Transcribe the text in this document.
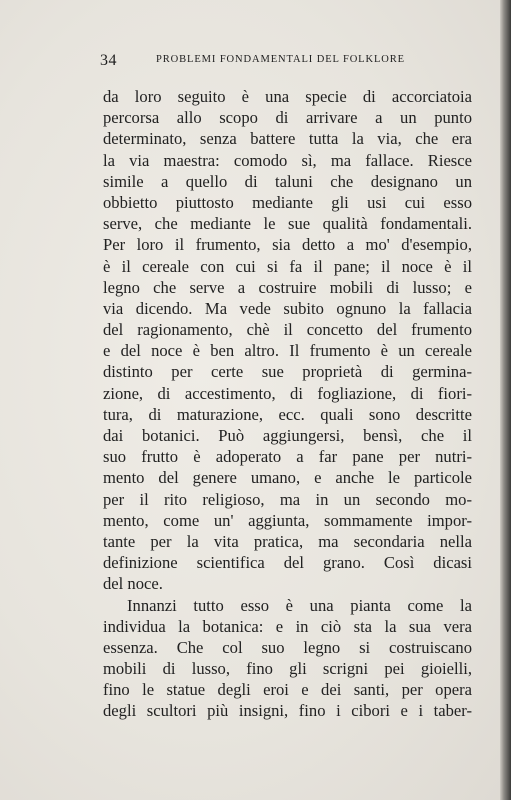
34	PROBLEMI FONDAMENTALI DEL FOLKLORE
da loro seguito è una specie di accorciatoia
percorsa allo scopo di arrivare a un punto
determinato, senza battere tutta la via, che era
la via maestra: comodo sì, ma fallace. Riesce
simile a quello di taluni che designano un
obbietto piuttosto mediante gli usi cui esso
serve, che mediante le sue qualità fondamentali.
Per loro il frumento, sia detto a mo' d'esempio,
è il cereale con cui si fa il pane; il noce è il
legno che serve a costruire mobili di lusso; e
via dicendo. Ma vede subito ognuno la fallacia
del ragionamento, chè il concetto del frumento
e del noce è ben altro. Il frumento è un cereale
distinto per certe sue proprietà di germina-
zione, di accestimento, di fogliazione, di fiori-
tura, di maturazione, ecc. quali sono descritte
dai botanici. Può aggiungersi, bensì, che il
suo frutto è adoperato a far pane per nutri-
mento del genere umano, e anche le particole
per il rito religioso, ma in un secondo mo-
mento, come un' aggiunta, sommamente impor-
tante per la vita pratica, ma secondaria nella
definizione scientifica del grano. Così dicasi
del noce.
Innanzi tutto esso è una pianta come la
individua la botanica: e in ciò sta la sua vera
essenza. Che col suo legno si costruiscano
mobili di lusso, fino gli scrigni pei gioielli,
fino le statue degli eroi e dei santi, per opera
degli scultori più insigni, fino i cibori e i taber-
